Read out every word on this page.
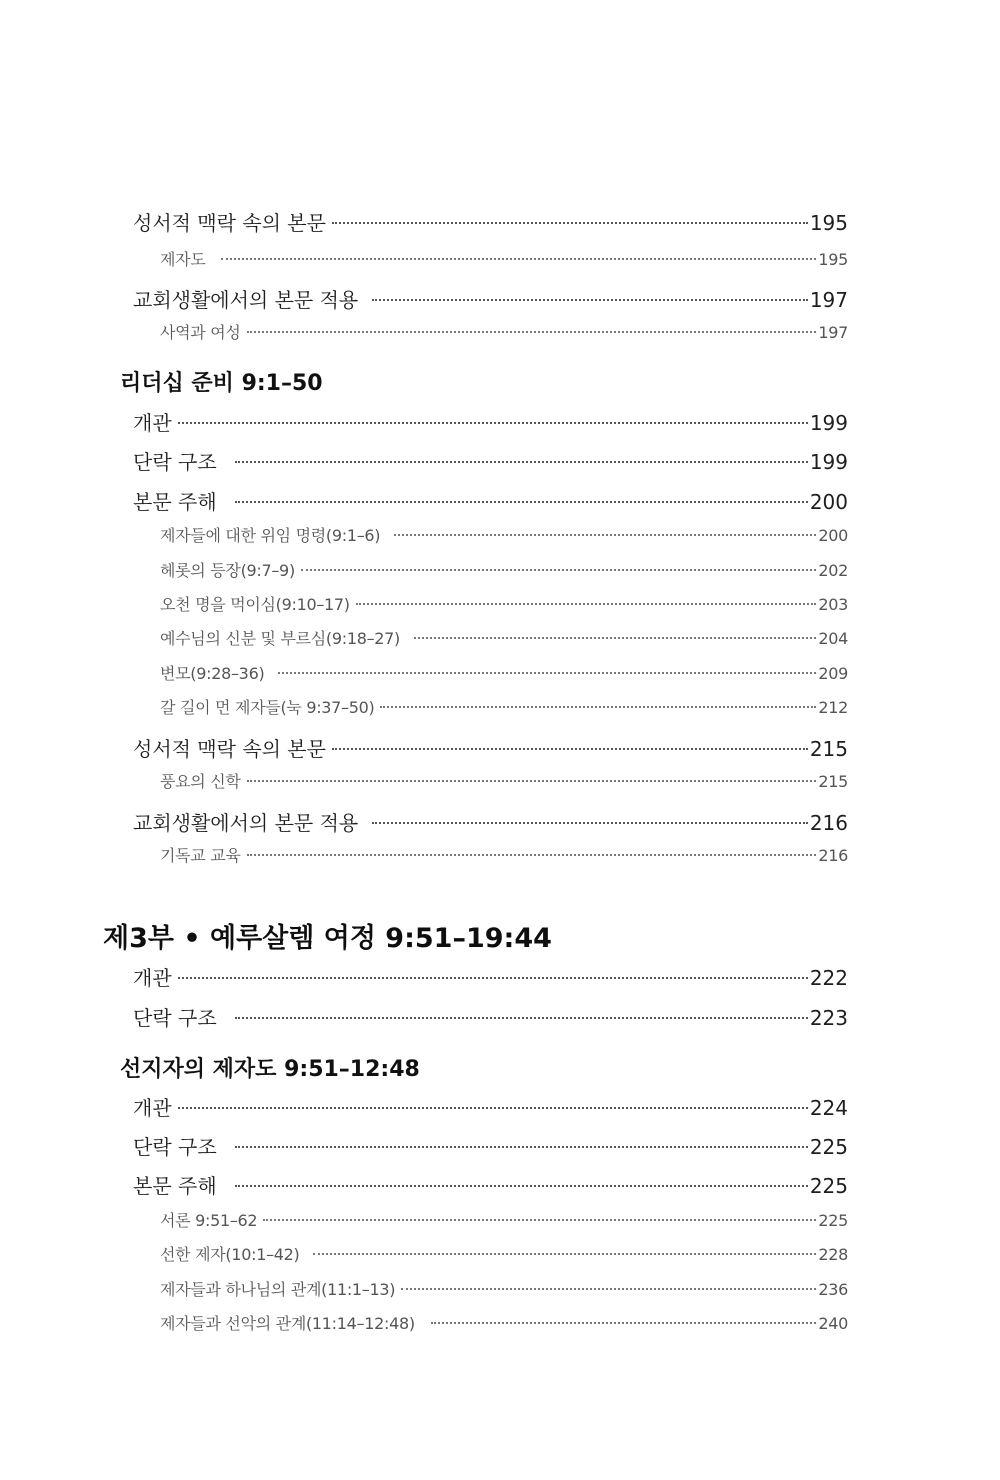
성서적 맥락 속의 본문	195
제자도	195
교회생활에서의 본문 적용	197
사역과 여성	197
리더십 준비 9:1–50
개관	199
단락 구조	199
본문 주해	200
제자들에 대한 위임 명령(9:1–6)	200
헤롯의 등장(9:7–9)	202
오천 명을 먹이심(9:10–17)	203
예수님의 신분 및 부르심(9:18–27)	204
변모(9:28–36)	209
갈 길이 먼 제자들(눅 9:37–50)	212
성서적 맥락 속의 본문	215
풍요의 신학	215
교회생활에서의 본문 적용	216
기독교 교육	216
제3부 • 예루살렘 여정 9:51–19:44
개관	222
단락 구조	223
선지자의 제자도 9:51–12:48
개관	224
단락 구조	225
본문 주해	225
서론 9:51–62	225
선한 제자(10:1–42)	228
제자들과 하나님의 관계(11:1–13)	236
제자들과 선악의 관계(11:14–12:48)	240
